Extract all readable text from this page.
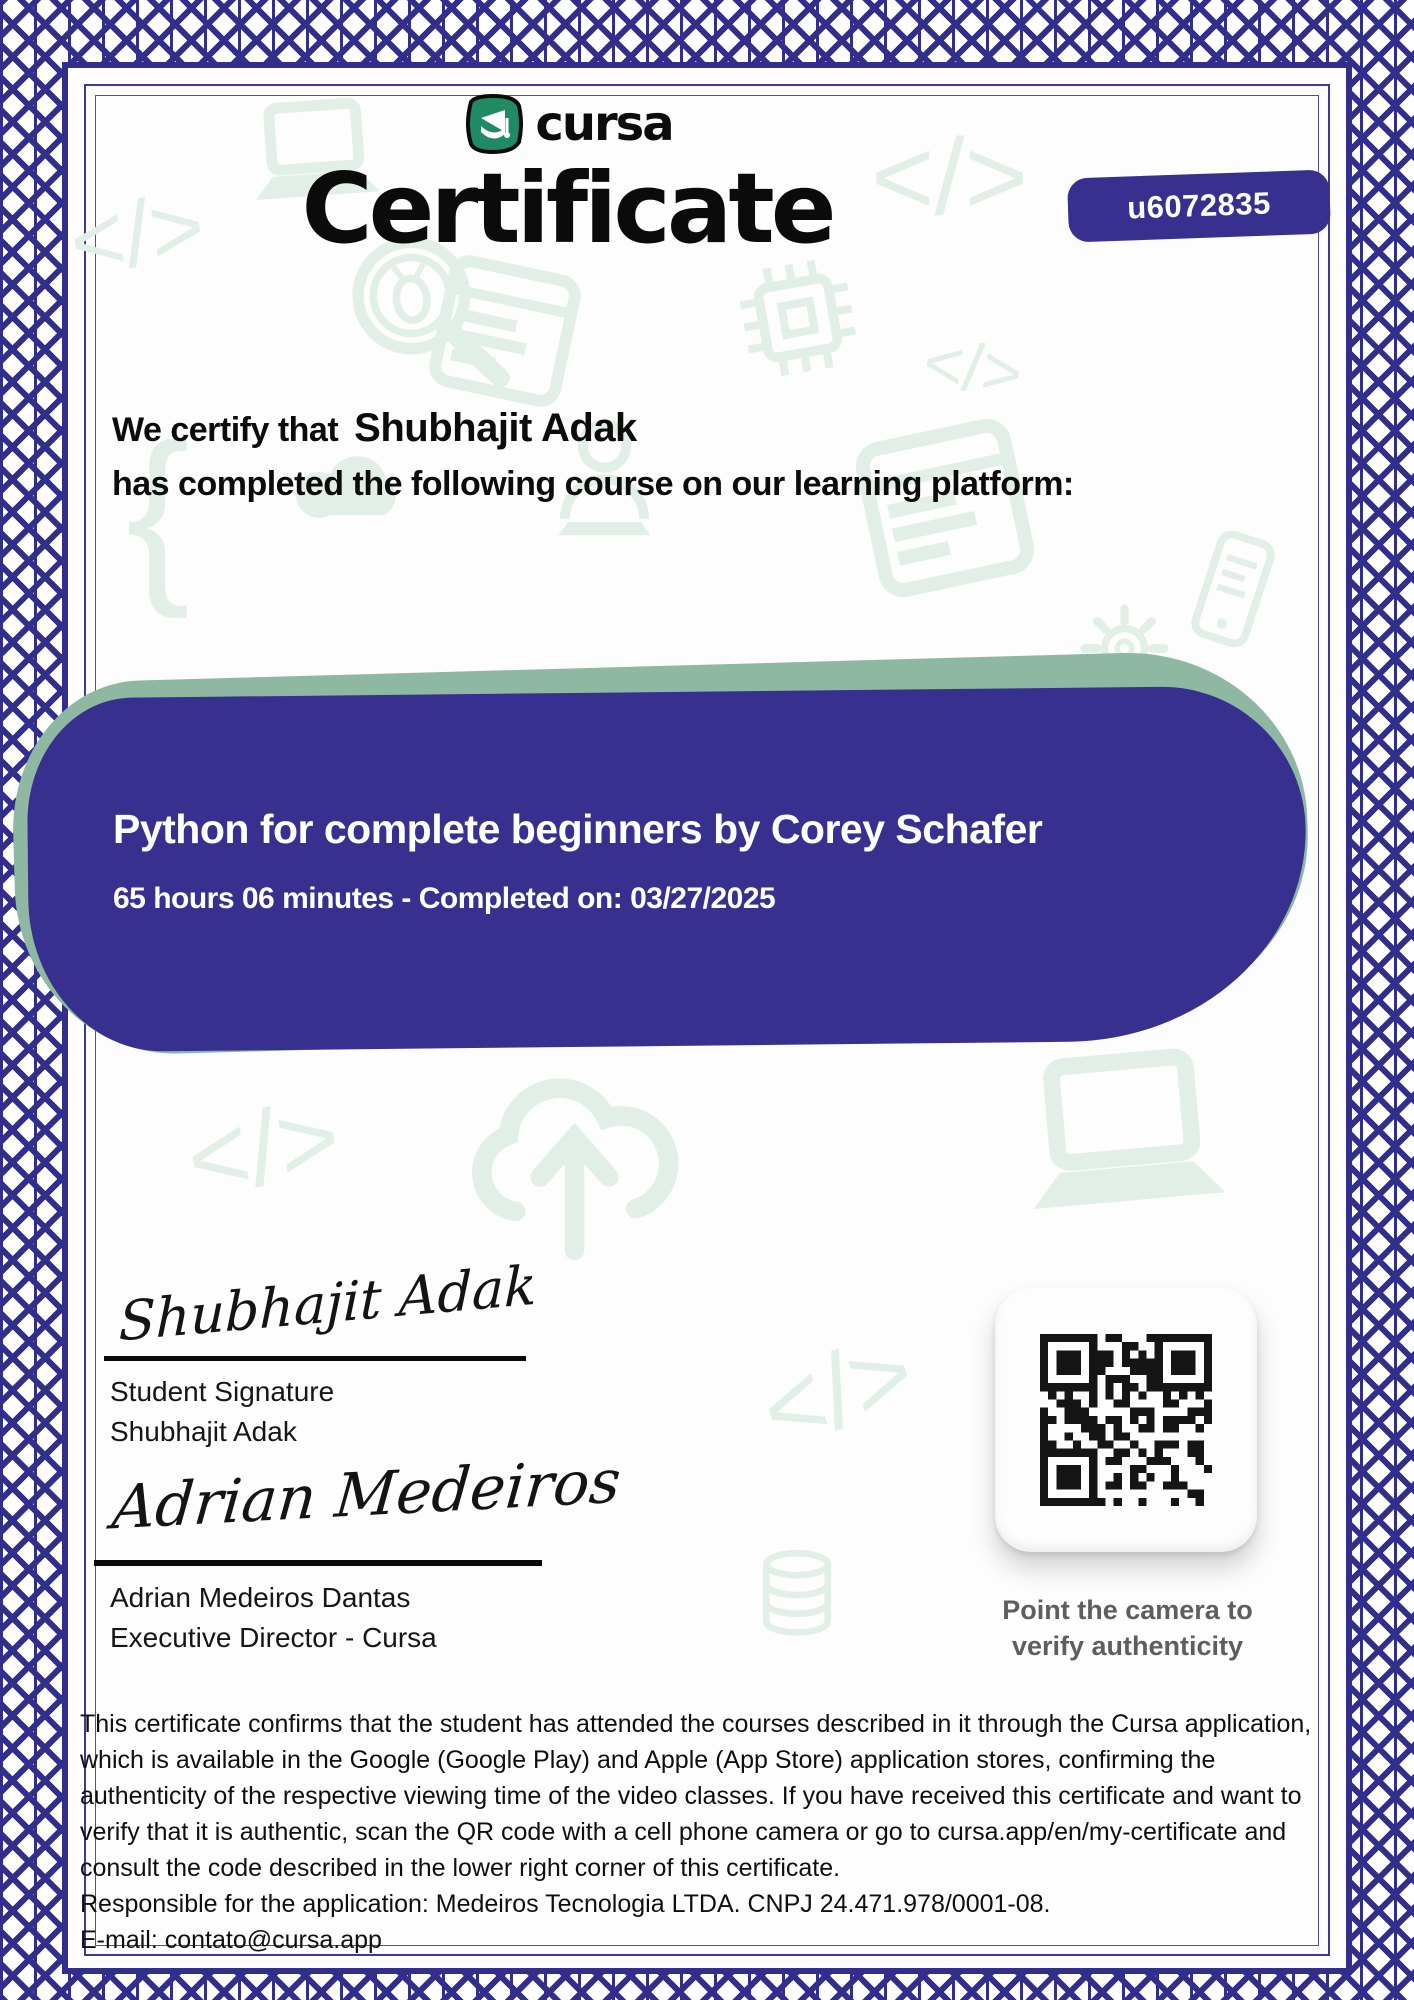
cursa
Certificate	u6072835
We certify that Shubhajit Adak
has completed the following course on our learning platform:
Python for complete beginners by Corey Schafer
65 hours 06 minutes - Completed on: 03/27/2025
Shubhajit Adak
Student Signature
Shubhajit Adak
Adrian Medeiros
Adrian Medeiros Dantas
Executive Director - Cursa
Point the camera to
verify authenticity

This certificate confirms that the student has attended the courses described in it through the Cursa application, which is available in the Google (Google Play) and Apple (App Store) application stores, confirming the authenticity of the respective viewing time of the video classes. If you have received this certificate and want to verify that it is authentic, scan the QR code with a cell phone camera or go to cursa.app/en/my-certificate and consult the code described in the lower right corner of this certificate.

Responsible for the application: Medeiros Tecnologia LTDA. CNPJ 24.471.978/0001-08.

E-mail: contato@cursa.app
